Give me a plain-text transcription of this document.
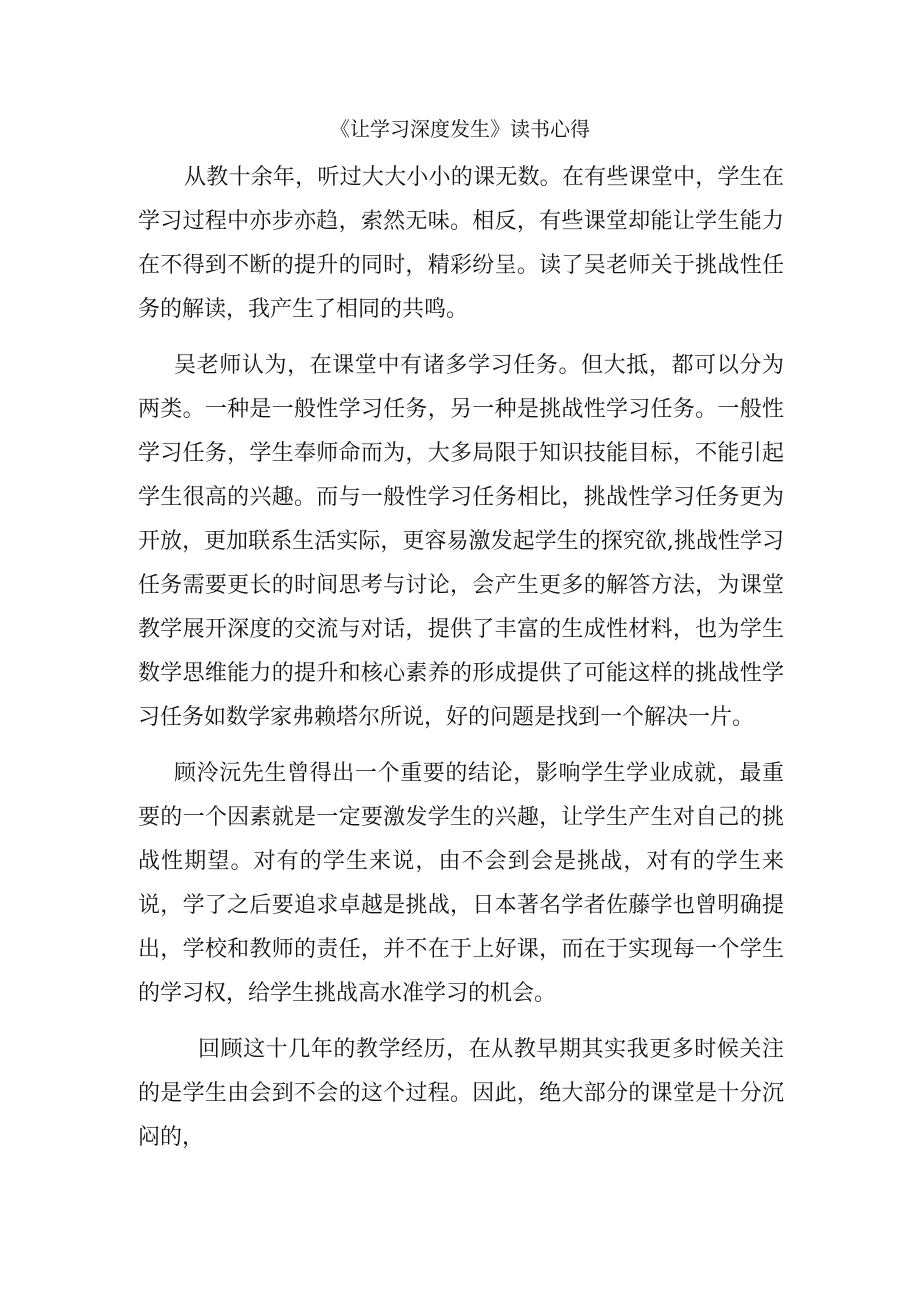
《让学习深度发生》读书心得

从教十余年，听过大大小小的课无数。在有些课堂中，学生在学习过程中亦步亦趋，索然无味。相反，有些课堂却能让学生能力在不得到不断的提升的同时，精彩纷呈。读了吴老师关于挑战性任务的解读，我产生了相同的共鸣。

吴老师认为，在课堂中有诸多学习任务。但大抵，都可以分为两类。一种是一般性学习任务，另一种是挑战性学习任务。一般性学习任务，学生奉师命而为，大多局限于知识技能目标，不能引起学生很高的兴趣。而与一般性学习任务相比，挑战性学习任务更为开放，更加联系生活实际，更容易激发起学生的探究欲,挑战性学习任务需要更长的时间思考与讨论，会产生更多的解答方法，为课堂教学展开深度的交流与对话，提供了丰富的生成性材料，也为学生数学思维能力的提升和核心素养的形成提供了可能这样的挑战性学习任务如数学家弗赖塔尔所说，好的问题是找到一个解决一片。

顾泠沅先生曾得出一个重要的结论，影响学生学业成就，最重要的一个因素就是一定要激发学生的兴趣，让学生产生对自己的挑战性期望。对有的学生来说，由不会到会是挑战，对有的学生来说，学了之后要追求卓越是挑战，日本著名学者佐藤学也曾明确提出，学校和教师的责任，并不在于上好课，而在于实现每一个学生的学习权，给学生挑战高水准学习的机会。

回顾这十几年的教学经历，在从教早期其实我更多时候关注的是学生由会到不会的这个过程。因此，绝大部分的课堂是十分沉闷的，
